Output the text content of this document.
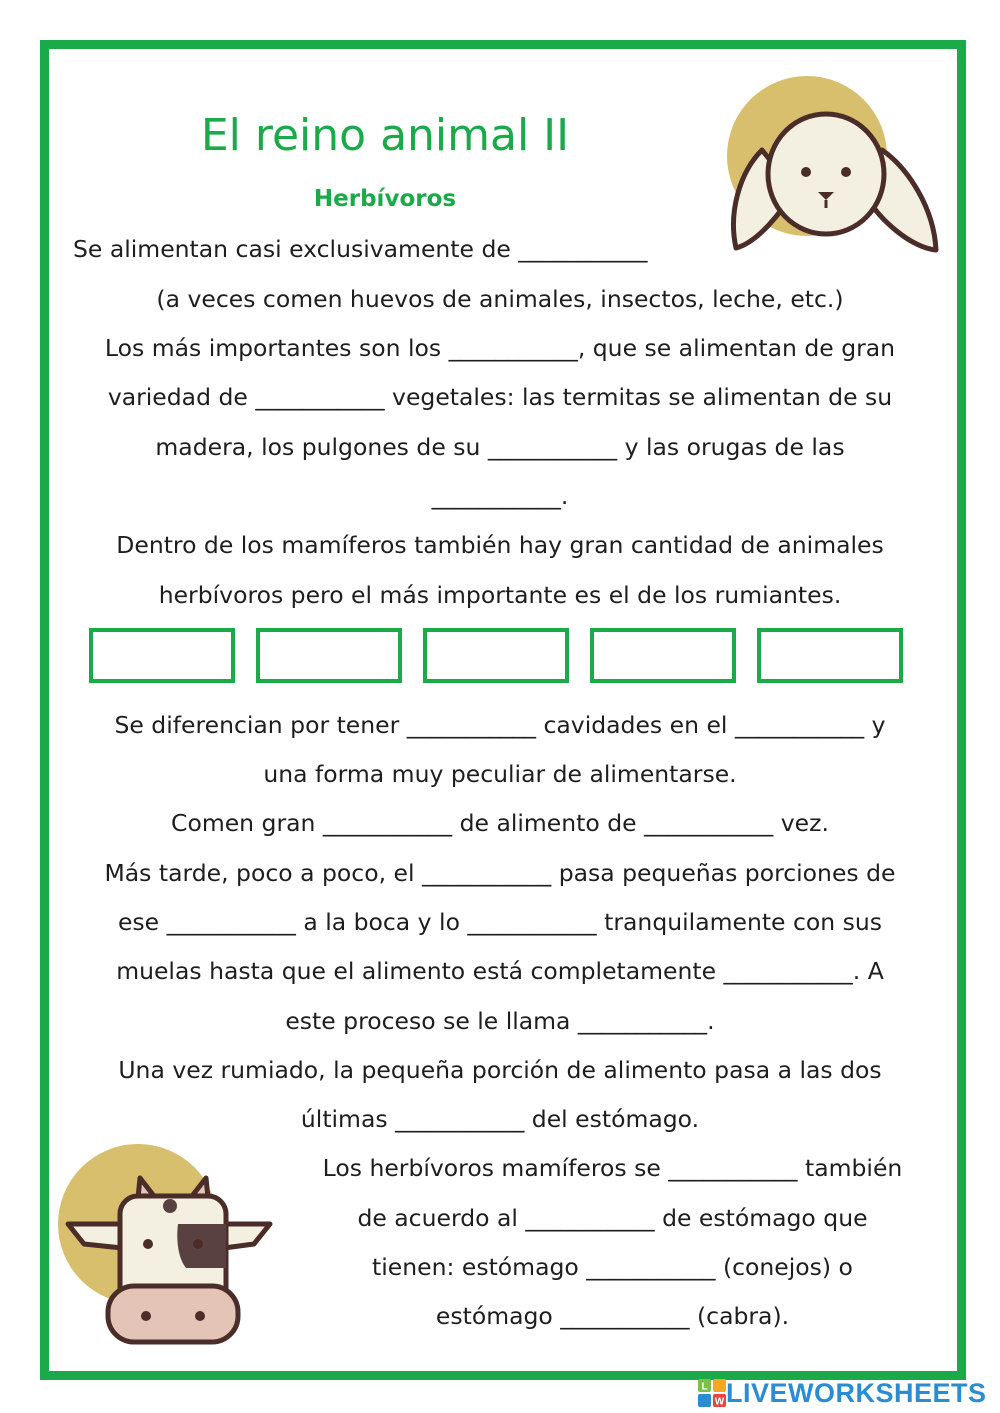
El reino animal II
Herbívoros
Se alimentan casi exclusivamente de ___________
(a veces comen huevos de animales, insectos, leche, etc.)
Los más importantes son los ___________, que se alimentan de gran
variedad de ___________ vegetales: las termitas se alimentan de su
madera, los pulgones de su ___________ y las orugas de las
___________.
Dentro de los mamíferos también hay gran cantidad de animales
herbívoros pero el más importante es el de los rumiantes.
Se diferencian por tener ___________ cavidades en el ___________ y
una forma muy peculiar de alimentarse.
Comen gran ___________ de alimento de ___________ vez.
Más tarde, poco a poco, el ___________ pasa pequeñas porciones de
ese ___________ a la boca y lo ___________ tranquilamente con sus
muelas hasta que el alimento está completamente ___________. A
este proceso se le llama ___________.
Una vez rumiado, la pequeña porción de alimento pasa a las dos
últimas ___________ del estómago.
Los herbívoros mamíferos se ___________ también
de acuerdo al ___________ de estómago que
tienen: estómago ___________ (conejos) o
estómago ___________ (cabra).
L
W LIVEWORKSHEETS
